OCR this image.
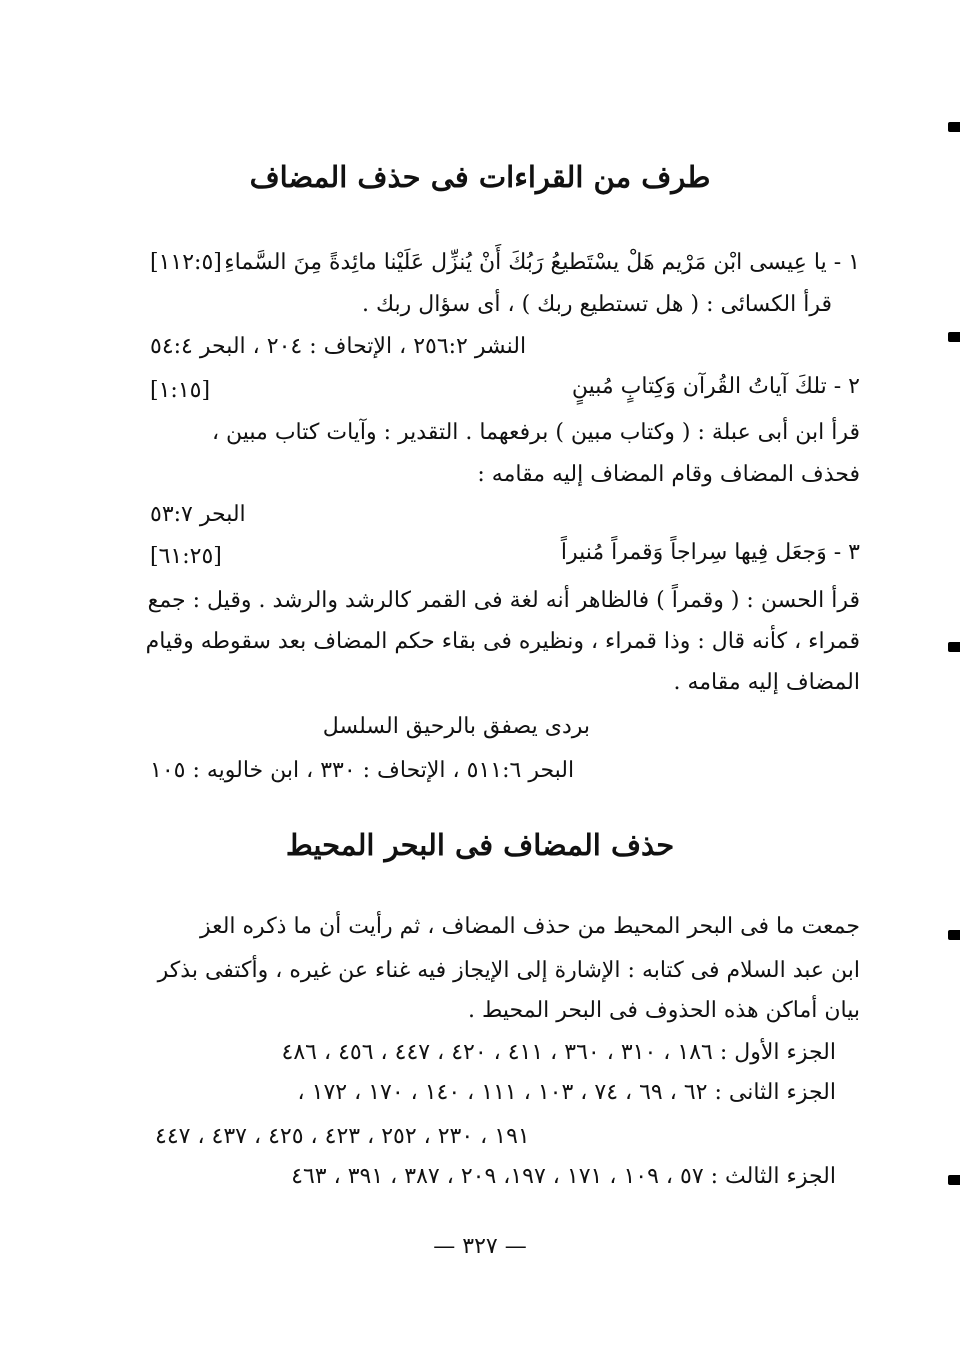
طرف من القراءات فى حذف المضاف
١ - يا عِيسى ابْن مَرْيم هَلْ يسْتَطيعُ رَبُكَ أَنْ يُنزِّل عَلَيْنا مائِدةً مِنَ السَّماءِ
[١١٢:٥]
قرأ الكسائى : ( هل تستطيع ربك ) ، أى سؤال ربك .
النشر ٢٥٦:٢ ، الإتحاف : ٢٠٤ ، البحر ٥٤:٤
٢ - تلكَ آياتُ القُرآن وَكِتابٍ مُبينٍ
[١:١٥]
قرأ ابن أبى عبلة : ( وكتاب مبين ) برفعهما . التقدير : وآيات كتاب مبين ،
فحذف المضاف وقام المضاف إليه مقامه :
البحر ٥٣:٧
٣ - وَجعَل فِيها سِراجاً وَقمراً مُنيراً
[٦١:٢٥]
قرأ الحسن : ( وقمراً ) فالظاهر أنه لغة فى القمر كالرشد والرشد . وقيل : جمع
قمراء ، كأنه قال : وذا قمراء ، ونظيره فى بقاء حكم المضاف بعد سقوطه وقيام
المضاف إليه مقامه .
بردى يصفق بالرحيق السلسل
البحر ٥١١:٦ ، الإتحاف : ٣٣٠ ، ابن خالويه : ١٠٥
حذف المضاف فى البحر المحيط
جمعت ما فى البحر المحيط من حذف المضاف ، ثم رأيت أن ما ذكره العز
ابن عبد السلام فى كتابه : الإشارة إلى الإيجاز فيه غناء عن غيره ، وأكتفى بذكر
بيان أماكن هذه الحذوف فى البحر المحيط .
الجزء الأول : ١٨٦ ، ٣١٠ ، ٣٦٠ ، ٤١١ ، ٤٢٠ ، ٤٤٧ ، ٤٥٦ ، ٤٨٦
الجزء الثانى : ٦٢ ، ٦٩ ، ٧٤ ، ١٠٣ ، ١١١ ، ١٤٠ ، ١٧٠ ، ١٧٢ ،
١٩١ ، ٢٣٠ ، ٢٥٢ ، ٤٢٣ ، ٤٢٥ ، ٤٣٧ ، ٤٤٧
الجزء الثالث : ٥٧ ، ١٠٩ ، ١٧١ ، ١٩٧، ٢٠٩ ، ٣٨٧ ، ٣٩١ ، ٤٦٣
— ٣٢٧ —
